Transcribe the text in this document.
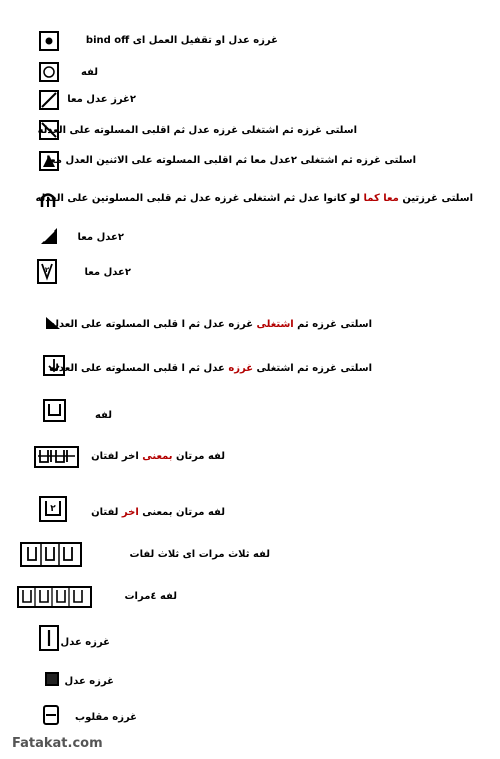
غرزه عدل او تقفيل العمل اى bind off
لفه
٢غرز عدل معا
اسلتى غرزه ثم اشتغلى غرزه عدل ثم اقلبى المسلوته على العدله
اسلتى غرزه ثم اشتغلى ٢عدل معا ثم اقلبى المسلوته على الاثنين العدل معا
اسلتى غرزتين معا كما لو كانوا عدل ثم اشتغلى غرزه عدل ثم قلبى المسلوتين على العدله
٢عدل معا
٢	٢عدل معا
اسلتى غرزه ثم اشتغلى غرزه عدل ثم ا قلبى المسلوته على العدله
اسلتى غرزه ثم اشتغلى غرزه عدل ثم ا قلبى المسلوته على العدله
لفه
لفه مرتان بمعنى اخر لفتان
٢	لفه مرتان بمعنى اخر لفتان
لفه ثلاث مرات اى ثلاث لفات
لفه ٤مرات
غرزه عدل
غرزه عدل
غرزه مقلوب
Fatakat.com
